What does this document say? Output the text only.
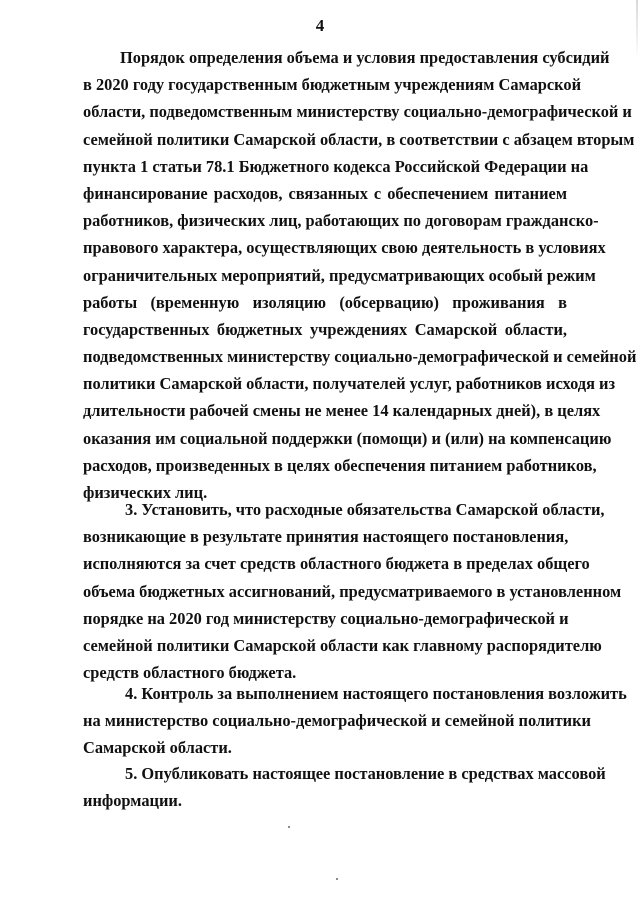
4
Порядок определения объема и условия предоставления субсидий
в 2020 году государственным бюджетным учреждениям Самарской
области, подведомственным министерству социально-демографической и
семейной политики Самарской области, в соответствии с абзацем вторым
пункта 1 статьи 78.1 Бюджетного кодекса Российской Федерации на
финансирование расходов, связанных с обеспечением питанием
работников, физических лиц, работающих по договорам гражданско-
правового характера, осуществляющих свою деятельность в условиях
ограничительных мероприятий, предусматривающих особый режим
работы (временную изоляцию (обсервацию) проживания в
государственных бюджетных учреждениях Самарской области,
подведомственных министерству социально-демографической и семейной
политики Самарской области, получателей услуг, работников исходя из
длительности рабочей смены не менее 14 календарных дней), в целях
оказания им социальной поддержки (помощи) и (или) на компенсацию
расходов, произведенных в целях обеспечения питанием работников,
физических лиц.
3. Установить, что расходные обязательства Самарской области,
возникающие в результате принятия настоящего постановления,
исполняются за счет средств областного бюджета в пределах общего
объема бюджетных ассигнований, предусматриваемого в установленном
порядке на 2020 год министерству социально-демографической и
семейной политики Самарской области как главному распорядителю
средств областного бюджета.
4. Контроль за выполнением настоящего постановления возложить
на министерство социально-демографической и семейной политики
Самарской области.
5. Опубликовать настоящее постановление в средствах массовой
информации.
